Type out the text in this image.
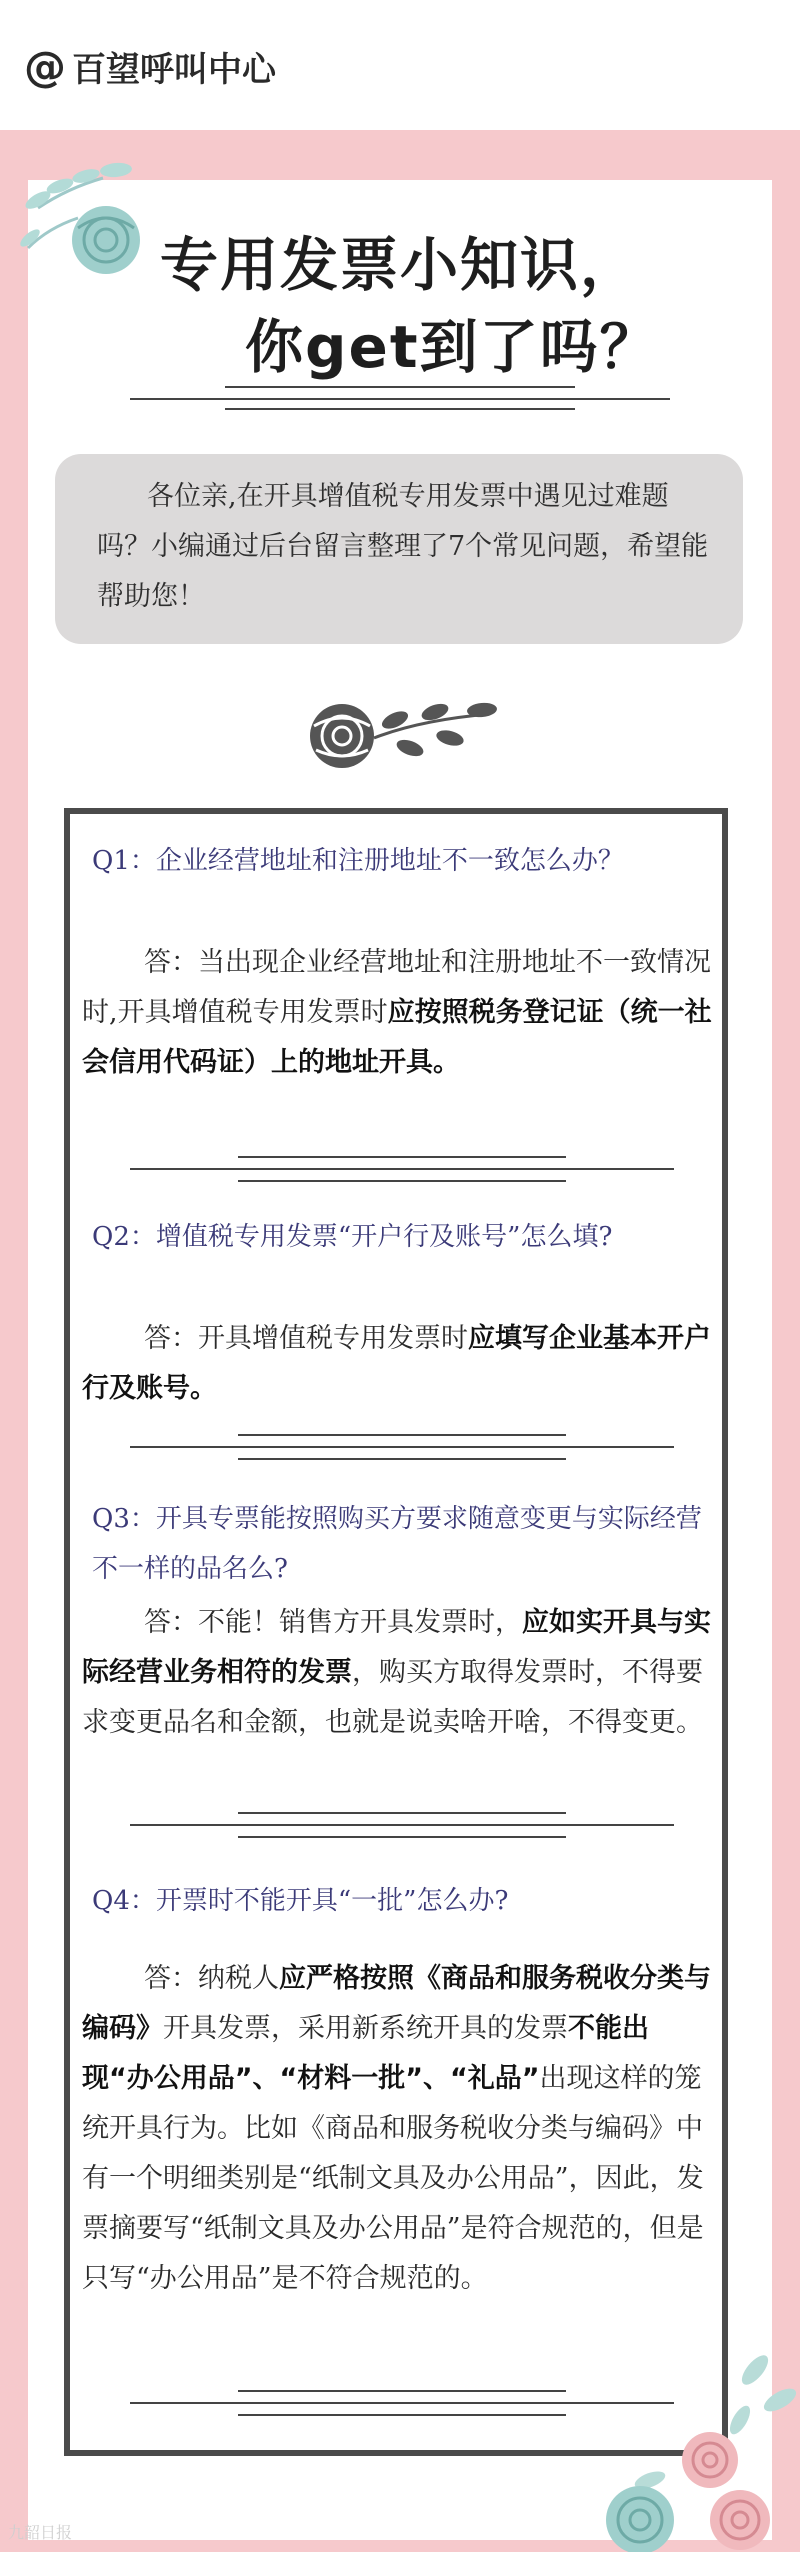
@ 百望呼叫中心
专用发票小知识，
你get到了吗？
各位亲,在开具增值税专用发票中遇见过难题吗？小编通过后台留言整理了7个常见问题，希望能帮助您！
Q1：企业经营地址和注册地址不一致怎么办？
答：当出现企业经营地址和注册地址不一致情况时,开具增值税专用发票时应按照税务登记证（统一社会信用代码证）上的地址开具。
Q2：增值税专用发票“开户行及账号”怎么填?
答：开具增值税专用发票时应填写企业基本开户行及账号。
Q3：开具专票能按照购买方要求随意变更与实际经营不一样的品名么?
答：不能！销售方开具发票时，应如实开具与实际经营业务相符的发票，购买方取得发票时，不得要求变更品名和金额，也就是说卖啥开啥，不得变更。
Q4：开票时不能开具“一批”怎么办?
答：纳税人应严格按照《商品和服务税收分类与编码》开具发票，采用新系统开具的发票不能出现“办公用品”、“材料一批”、“礼品”出现这样的笼统开具行为。比如《商品和服务税收分类与编码》中有一个明细类别是“纸制文具及办公用品”，因此，发票摘要写“纸制文具及办公用品”是符合规范的，但是只写“办公用品”是不符合规范的。
九韶日报
